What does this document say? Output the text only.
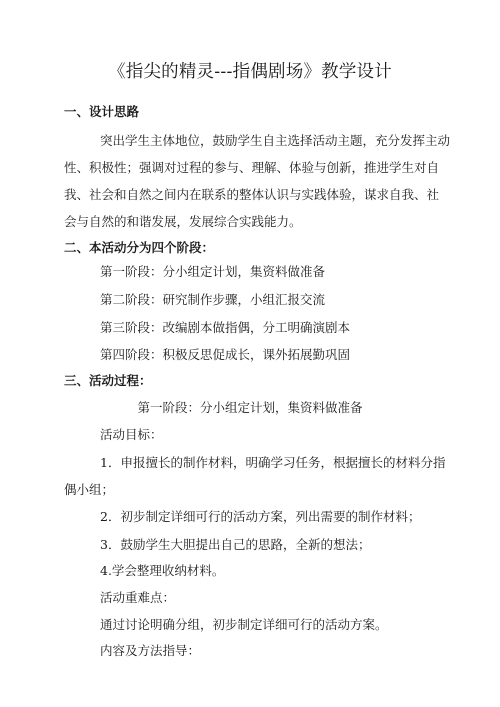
《指尖的精灵---指偶剧场》教学设计
一、设计思路
突出学生主体地位，鼓励学生自主选择活动主题，充分发挥主动
性、积极性；强调对过程的参与、理解、体验与创新，推进学生对自
我、社会和自然之间内在联系的整体认识与实践体验，谋求自我、社
会与自然的和谐发展，发展综合实践能力。
二、本活动分为四个阶段：
第一阶段：分小组定计划，集资料做准备
第二阶段：研究制作步骤，小组汇报交流
第三阶段：改编剧本做指偶，分工明确演剧本
第四阶段：积极反思促成长，课外拓展勤巩固
三、活动过程：
第一阶段：分小组定计划，集资料做准备
活动目标：
1．申报擅长的制作材料，明确学习任务，根据擅长的材料分指
偶小组；
2．初步制定详细可行的活动方案，列出需要的制作材料；
3．鼓励学生大胆提出自己的思路，全新的想法；
4.学会整理收纳材料。
活动重难点：
通过讨论明确分组，初步制定详细可行的活动方案。
内容及方法指导：
